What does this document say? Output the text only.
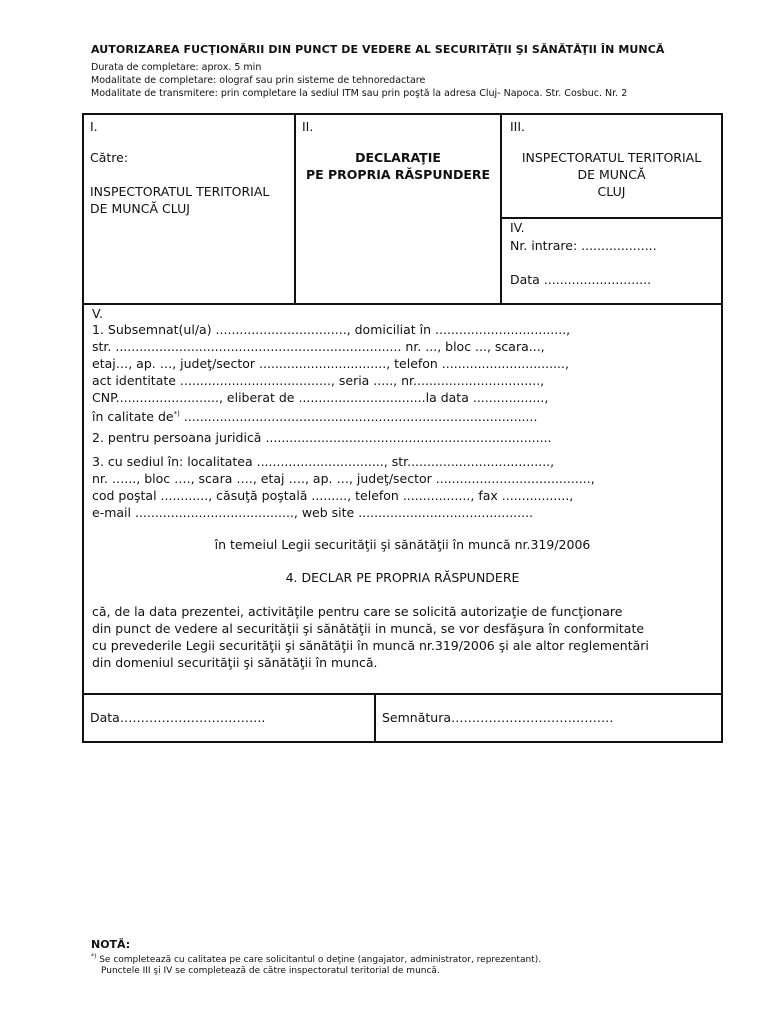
AUTORIZAREA FUCŢIONĂRII DIN PUNCT DE VEDERE AL SECURITĂŢII ŞI SĂNĂTĂŢII ÎN MUNCĂ
Durata de completare: aprox. 5 min
Modalitate de completare: olograf sau prin sisteme de tehnoredactare
Modalitate de transmitere: prin completare la sediul ITM sau prin poştă la adresa Cluj- Napoca. Str. Cosbuc. Nr. 2
I.
Către:
INSPECTORATUL TERITORIAL
DE MUNCĂ CLUJ
II.
DECLARAŢIE
PE PROPRIA RĂSPUNDERE
III.
INSPECTORATUL TERITORIAL
DE MUNCĂ
CLUJ
IV.
Nr. intrare: ...................
Data ...........................
V.
1. Subsemnat(ul/a) ................................., domiciliat în .................................,
str. ........................................................................ nr. ..., bloc ..., scara...,
etaj…, ap. …, judeţ/sector ................................, telefon ...............................,
act identitate ......................................, seria ....., nr................................,
CNP.........................., eliberat de ................................la data ..................,
în calitate de*) .........................................................................................
2. pentru persoana juridică ........................................................................
3. cu sediul în: localitatea ................................, str....................................,
nr. …..., bloc …., scara …., etaj …., ap. …, judeţ/sector .......................................,
cod poştal ............, căsuţă poştală ........., telefon ................., fax .................,
e-mail ........................................, web site ............................................
în temeiul Legii securităţii şi sănătăţii în muncă nr.319/2006
4. DECLAR PE PROPRIA RĂSPUNDERE
că, de la data prezentei, activităţile pentru care se solicită autorizaţie de funcţionare
din punct de vedere al securităţii şi sănătăţii in muncă, se vor desfăşura în conformitate
cu prevederile Legii securităţii şi sănătăţii în muncă nr.319/2006 şi ale altor reglementări
din domeniul securităţii şi sănătăţii în muncă.
Data……………………………..	Semnătura…………………………………
NOTĂ:
*) Se completează cu calitatea pe care solicitantul o deţine (angajator, administrator, reprezentant).
Punctele III şi IV se completează de către inspectoratul teritorial de muncă.
